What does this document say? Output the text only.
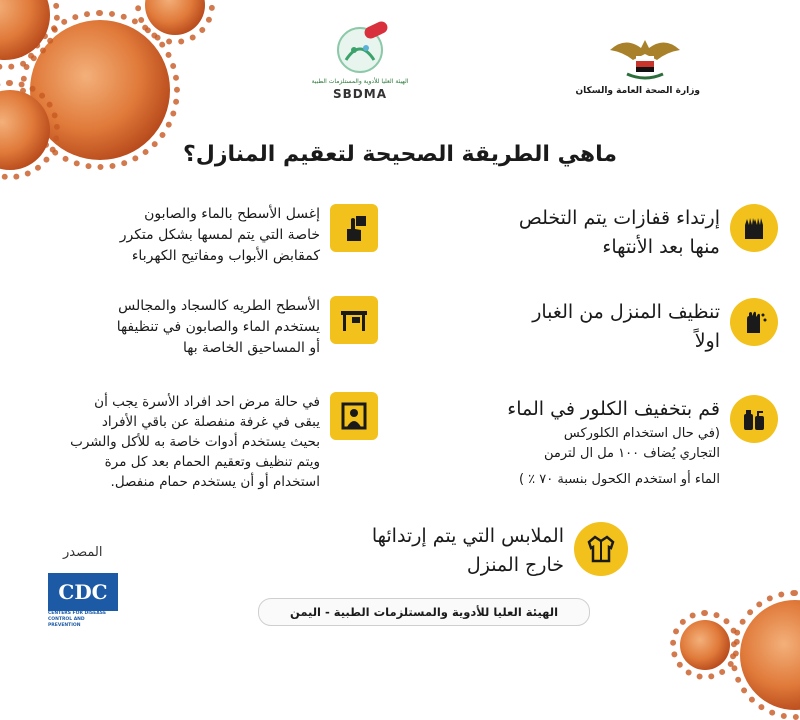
وزارة الصحة العامة والسكان
الهيئة العليا للأدوية والمستلزمات الطبية
SBDMA
ماهي الطريقة الصحيحة لتعقيم المنازل؟
إرتداء قفازات يتم التخلص
منها بعد الأنتهاء
تنظيف المنزل من الغبار
اولاً
قم بتخفيف الكلور في الماء
(في حال استخدام الكلوركس
التجاري يُضاف ١٠٠ مل ال لترمن
الماء أو استخدم الكحول بنسبة ٧٠ ٪ )
إغسل الأسطح بالماء والصابون
خاصة التي يتم لمسها بشكل متكرر
كمقابض الأبواب ومفاتيح الكهرباء
الأسطح الطريه كالسجاد والمجالس
يستخدم الماء والصابون في تنظيفها
أو المساحيق الخاصة بها
في حالة مرض احد افراد الأسرة يجب أن
يبقى في غرفة منفصلة عن باقي الأفراد
بحيث يستخدم أدوات خاصة به للأكل والشرب
ويتم تنظيف وتعقيم الحمام بعد كل مرة
استخدام أو أن يستخدم حمام منفصل.
الملابس التي يتم إرتدائها
خارج المنزل
المصدر
CDC
CENTERS FOR DISEASE CONTROL AND PREVENTION
الهيئة العليا للأدوية والمستلزمات الطبية - اليمن
